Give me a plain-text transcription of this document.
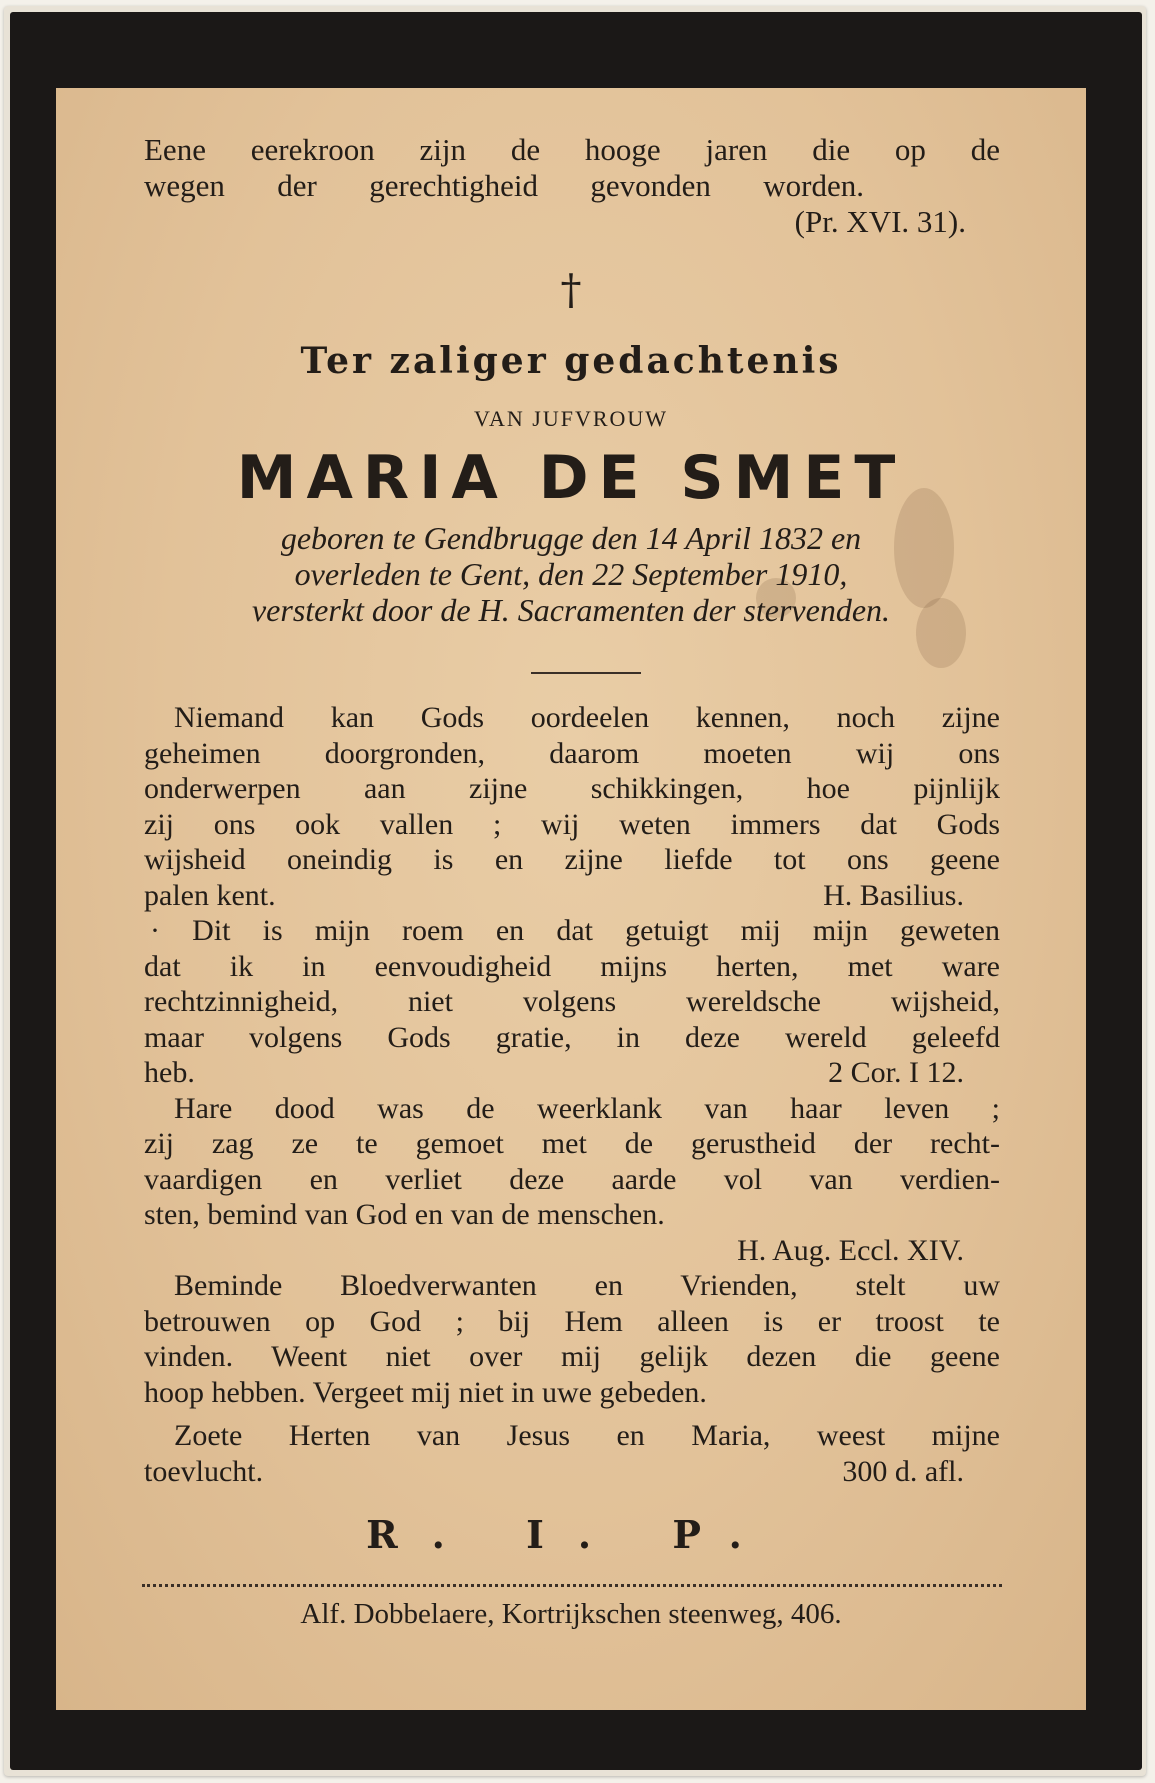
Eene eerekroon zijn de hooge jaren die op de
wegen der gerechtigheid gevonden worden.
(Pr. XVI. 31).
†
Ter zaliger gedachtenis
VAN JUFVROUW
MARIA DE SMET
geboren te Gendbrugge den 14 April 1832 en
overleden te Gent, den 22 September 1910,
versterkt door de H. Sacramenten der stervenden.
Niemand kan Gods oordeelen kennen, noch zijne
geheimen doorgronden, daarom moeten wij ons
onderwerpen aan zijne schikkingen, hoe pijnlijk
zij ons ook vallen ; wij weten immers dat Gods
wijsheid oneindig is en zijne liefde tot ons geene
palen kent.	H. Basilius.
· Dit is mijn roem en dat getuigt mij mijn geweten
dat ik in eenvoudigheid mijns herten, met ware
rechtzinnigheid, niet volgens wereldsche wijsheid,
maar volgens Gods gratie, in deze wereld geleefd
heb.	2 Cor. I 12.
Hare dood was de weerklank van haar leven ;
zij zag ze te gemoet met de gerustheid der recht-
vaardigen en verliet deze aarde vol van verdien-
sten, bemind van God en van de menschen.
H. Aug. Eccl. XIV.
Beminde Bloedverwanten en Vrienden, stelt uw
betrouwen op God ; bij Hem alleen is er troost te
vinden. Weent niet over mij gelijk dezen die geene
hoop hebben. Vergeet mij niet in uwe gebeden.
Zoete Herten van Jesus en Maria, weest mijne
toevlucht.	300 d. afl.
R. I. P.
Alf. Dobbelaere, Kortrijkschen steenweg, 406.
